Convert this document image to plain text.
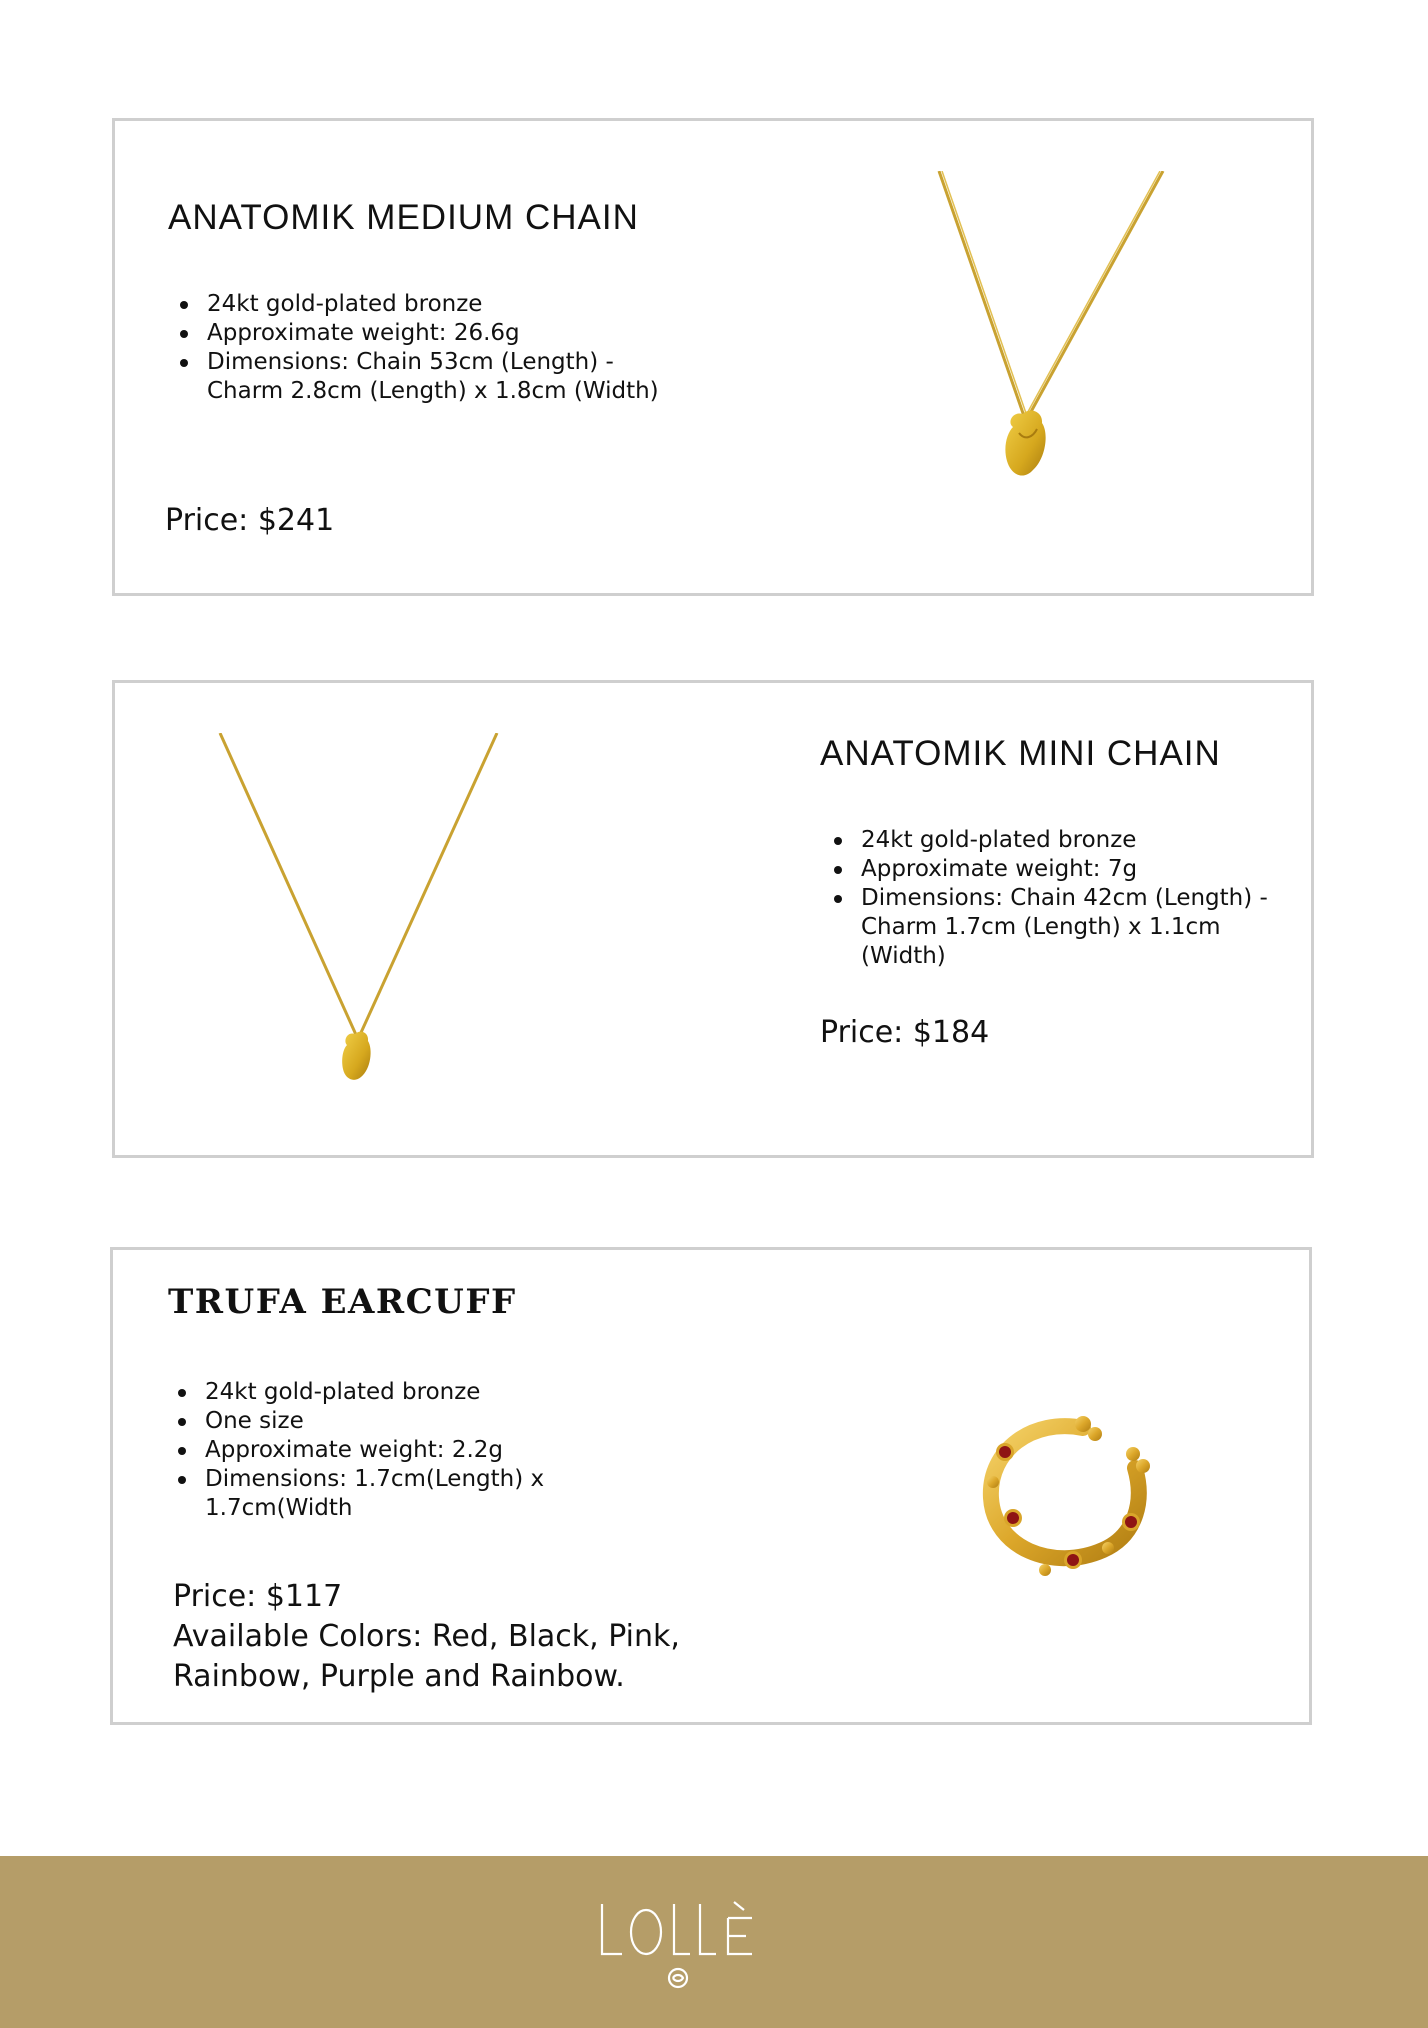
ANATOMIK MEDIUM CHAIN
24kt gold-plated bronze
Approximate weight: 26.6g
Dimensions: Chain 53cm (Length) - Charm 2.8cm (Length) x 1.8cm (Width)
Price: $241
ANATOMIK MINI CHAIN
24kt gold-plated bronze
Approximate weight: 7g
Dimensions: Chain 42cm (Length) - Charm 1.7cm (Length) x 1.1cm (Width)
Price: $184
TRUFA EARCUFF
24kt gold-plated bronze
One size
Approximate weight: 2.2g
Dimensions: 1.7cm(Length) x 1.7cm(Width
Price: $117
Available Colors: Red, Black, Pink, Rainbow, Purple and Rainbow.
